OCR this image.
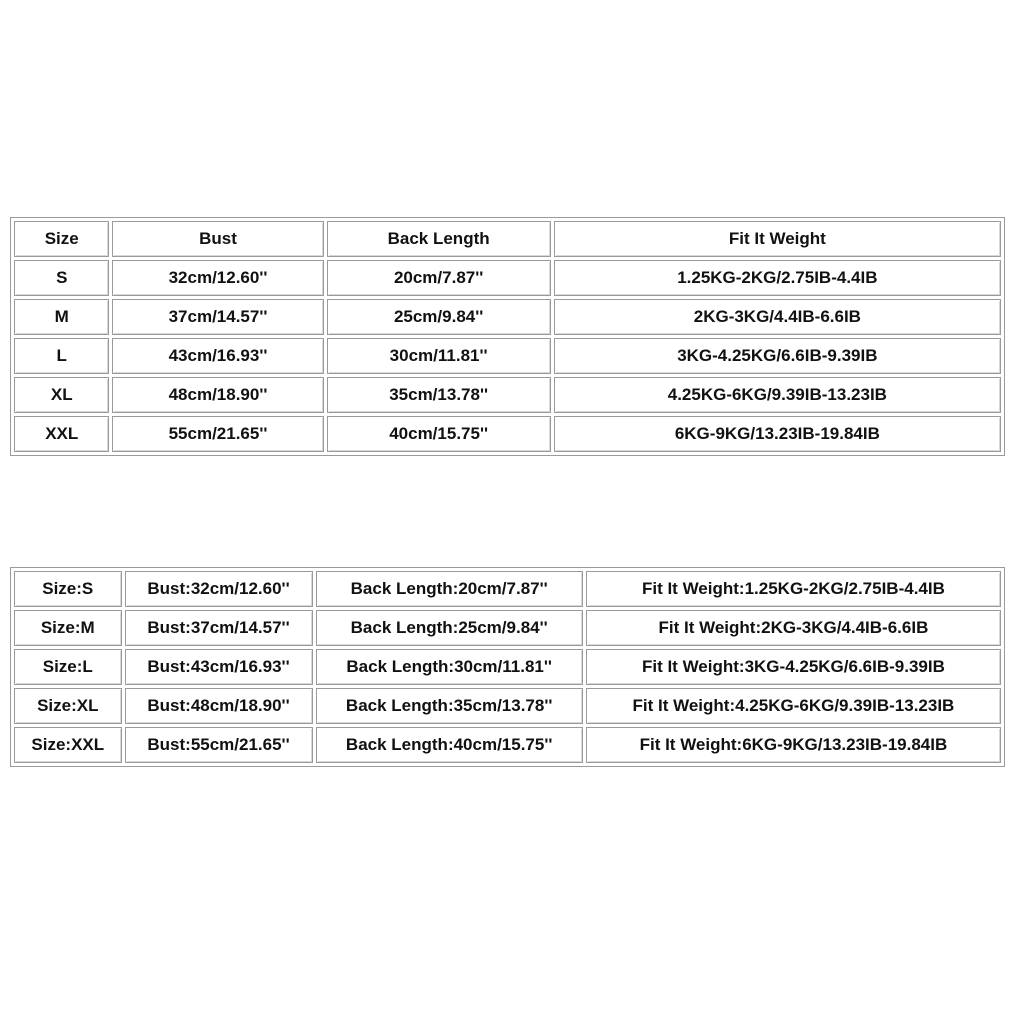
Size	Bust	Back Length	Fit It Weight
S	32cm/12.60''	20cm/7.87''	1.25KG-2KG/2.75IB-4.4IB
M	37cm/14.57''	25cm/9.84''	2KG-3KG/4.4IB-6.6IB
L	43cm/16.93''	30cm/11.81''	3KG-4.25KG/6.6IB-9.39IB
XL	48cm/18.90''	35cm/13.78''	4.25KG-6KG/9.39IB-13.23IB
XXL	55cm/21.65''	40cm/15.75''	6KG-9KG/13.23IB-19.84IB
Size:S	Bust:32cm/12.60''	Back Length:20cm/7.87''	Fit It Weight:1.25KG-2KG/2.75IB-4.4IB
Size:M	Bust:37cm/14.57''	Back Length:25cm/9.84''	Fit It Weight:2KG-3KG/4.4IB-6.6IB
Size:L	Bust:43cm/16.93''	Back Length:30cm/11.81''	Fit It Weight:3KG-4.25KG/6.6IB-9.39IB
Size:XL	Bust:48cm/18.90''	Back Length:35cm/13.78''	Fit It Weight:4.25KG-6KG/9.39IB-13.23IB
Size:XXL	Bust:55cm/21.65''	Back Length:40cm/15.75''	Fit It Weight:6KG-9KG/13.23IB-19.84IB
